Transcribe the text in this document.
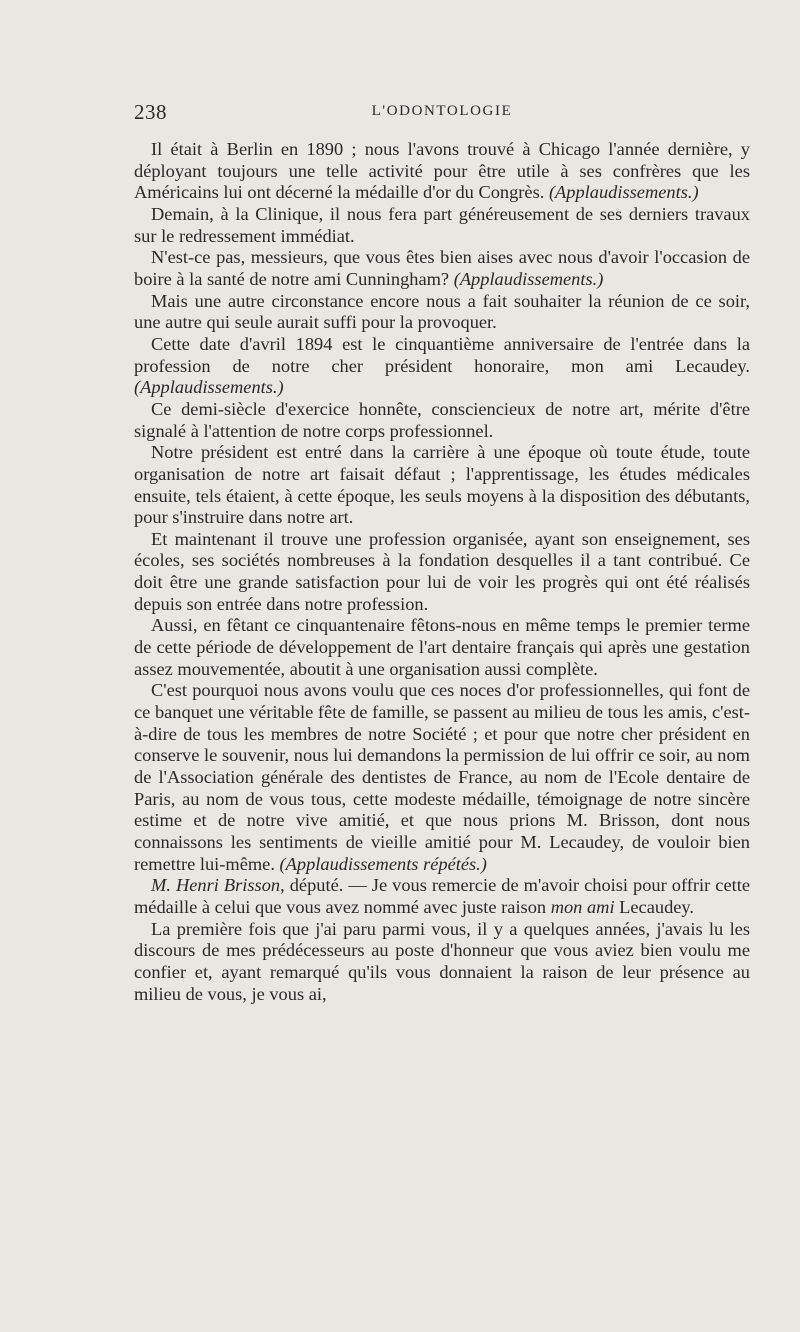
238	L'ODONTOLOGIE

Il était à Berlin en 1890 ; nous l'avons trouvé à Chicago l'année dernière, y déployant toujours une telle activité pour être utile à ses confrères que les Américains lui ont décerné la médaille d'or du Congrès. (Applaudissements.)

Demain, à la Clinique, il nous fera part généreusement de ses derniers travaux sur le redressement immédiat.

N'est-ce pas, messieurs, que vous êtes bien aises avec nous d'avoir l'occasion de boire à la santé de notre ami Cunningham? (Applaudissements.)

Mais une autre circonstance encore nous a fait souhaiter la réunion de ce soir, une autre qui seule aurait suffi pour la provoquer.

Cette date d'avril 1894 est le cinquantième anniversaire de l'entrée dans la profession de notre cher président honoraire, mon ami Lecaudey. (Applaudissements.)

Ce demi-siècle d'exercice honnête, consciencieux de notre art, mérite d'être signalé à l'attention de notre corps professionnel.

Notre président est entré dans la carrière à une époque où toute étude, toute organisation de notre art faisait défaut ; l'apprentissage, les études médicales ensuite, tels étaient, à cette époque, les seuls moyens à la disposition des débutants, pour s'instruire dans notre art.

Et maintenant il trouve une profession organisée, ayant son enseignement, ses écoles, ses sociétés nombreuses à la fondation desquelles il a tant contribué. Ce doit être une grande satisfaction pour lui de voir les progrès qui ont été réalisés depuis son entrée dans notre profession.

Aussi, en fêtant ce cinquantenaire fêtons-nous en même temps le premier terme de cette période de développement de l'art dentaire français qui après une gestation assez mouvementée, aboutit à une organisation aussi complète.

C'est pourquoi nous avons voulu que ces noces d'or professionnelles, qui font de ce banquet une véritable fête de famille, se passent au milieu de tous les amis, c'est-à-dire de tous les membres de notre Société ; et pour que notre cher président en conserve le souvenir, nous lui demandons la permission de lui offrir ce soir, au nom de l'Association générale des dentistes de France, au nom de l'Ecole dentaire de Paris, au nom de vous tous, cette modeste médaille, témoignage de notre sincère estime et de notre vive amitié, et que nous prions M. Brisson, dont nous connaissons les sentiments de vieille amitié pour M. Lecaudey, de vouloir bien remettre lui-même. (Applaudissements répétés.)

M. Henri Brisson, député. — Je vous remercie de m'avoir choisi pour offrir cette médaille à celui que vous avez nommé avec juste raison mon ami Lecaudey.

La première fois que j'ai paru parmi vous, il y a quelques années, j'avais lu les discours de mes prédécesseurs au poste d'honneur que vous aviez bien voulu me confier et, ayant remarqué qu'ils vous donnaient la raison de leur présence au milieu de vous, je vous ai,
